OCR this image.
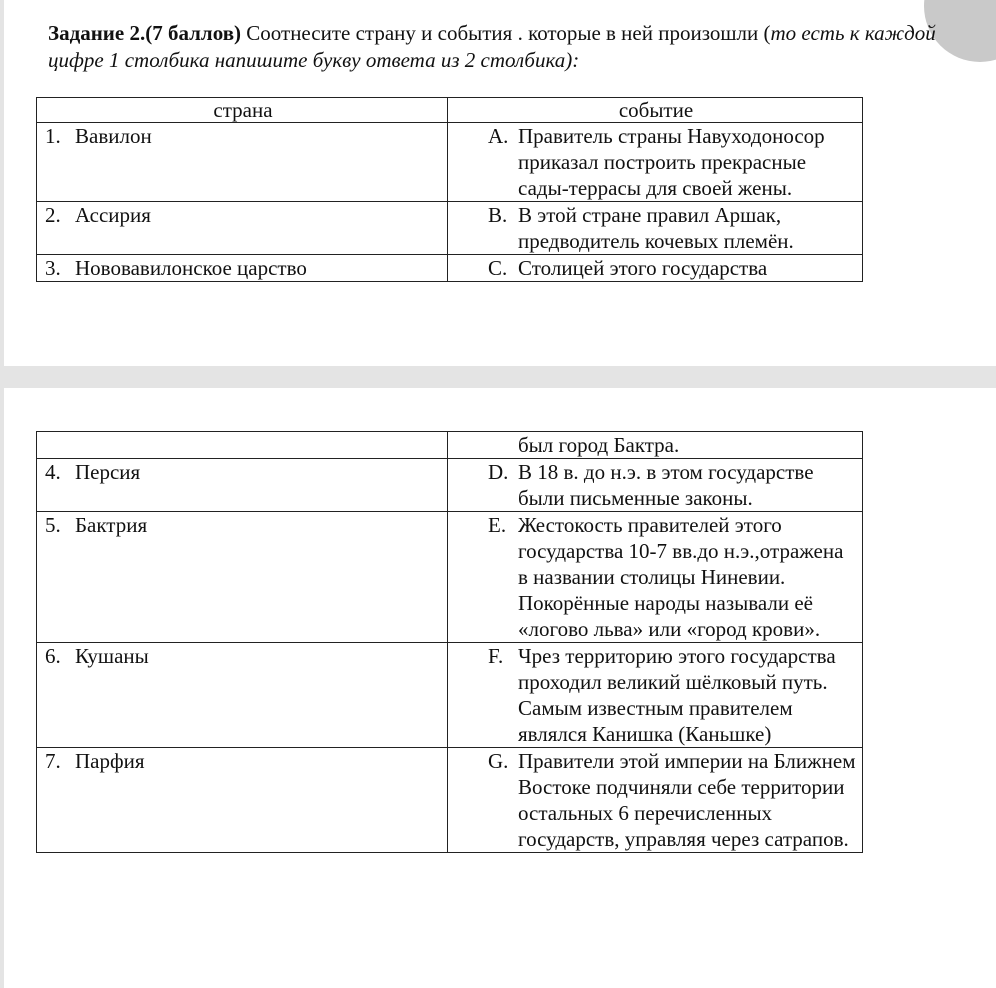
Задание 2.(7 баллов) Соотнесите страну и события . которые в ней произошли (то есть к каждой цифре 1 столбика напишите букву ответа из 2 столбика):
страна	событие

1. Вавилон	A. Правитель страны Навуходоносор приказал построить прекрасные сады-террасы для своей жены.

2. Ассирия	B. В этой стране правил Аршак, предводитель кочевых племён.

3. Нововавилонское царство	C. Столицей этого государства

	был город Бактра.

4. Персия	D. В 18 в. до н.э. в этом государстве были письменные законы.

5. Бактрия	E. Жестокость правителей этого государства 10-7 вв.до н.э.,отражена в названии столицы Ниневии. Покорённые народы называли её «логово льва» или «город крови».

6. Кушаны	F. Чрез территорию этого государства проходил великий шёлковый путь. Самым известным правителем являлся Канишка (Каньшке)

7. Парфия	G. Правители этой империи на Ближнем Востоке подчиняли себе территории остальных 6 перечисленных государств, управляя через сатрапов.
